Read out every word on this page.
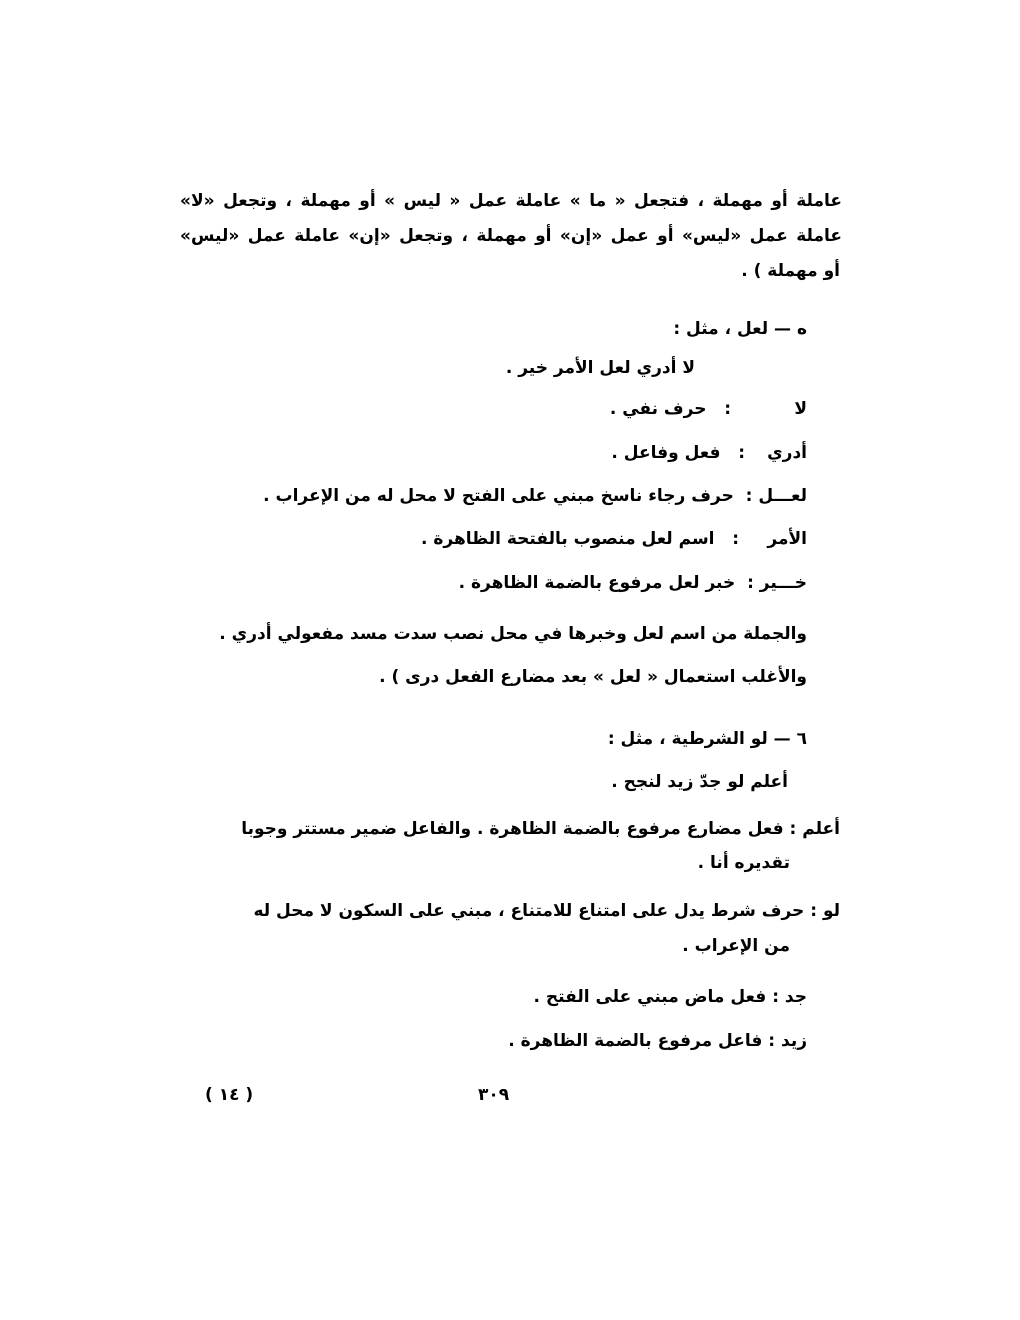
عاملة أو مهملة ، فتجعل « ما » عاملة عمل « ليس » أو مهملة ، وتجعل «لا»
عاملة عمل «ليس» أو عمل «إن» أو مهملة ، وتجعل «إن» عاملة عمل «ليس»
أو مهملة ) .
ه — لعل ، مثل :
لا أدري لعل الأمر خير .
لا :   حرف نفي .
أدري :   فعل وفاعل .
لعـــل :  حرف رجاء ناسخ مبني على الفتح لا محل له من الإعراب .
الأمر :   اسم لعل منصوب بالفتحة الظاهرة .
خـــير :  خبر لعل مرفوع بالضمة الظاهرة .
والجملة من اسم لعل وخبرها في محل نصب سدت مسد مفعولي أدري .
والأغلب استعمال « لعل » بعد مضارع الفعل درى ) .
٦ — لو الشرطية ، مثل :
أعلم لو جدّ زيد لنجح .
أعلم : فعل مضارع مرفوع بالضمة الظاهرة . والفاعل ضمير مستتر وجوبا
تقديره أنا .
لو : حرف شرط يدل على امتناع للامتناع ، مبني على السكون لا محل له
من الإعراب .
جد : فعل ماض مبني على الفتح .
زيد : فاعل مرفوع بالضمة الظاهرة .
( ١٤ )	٣٠٩
